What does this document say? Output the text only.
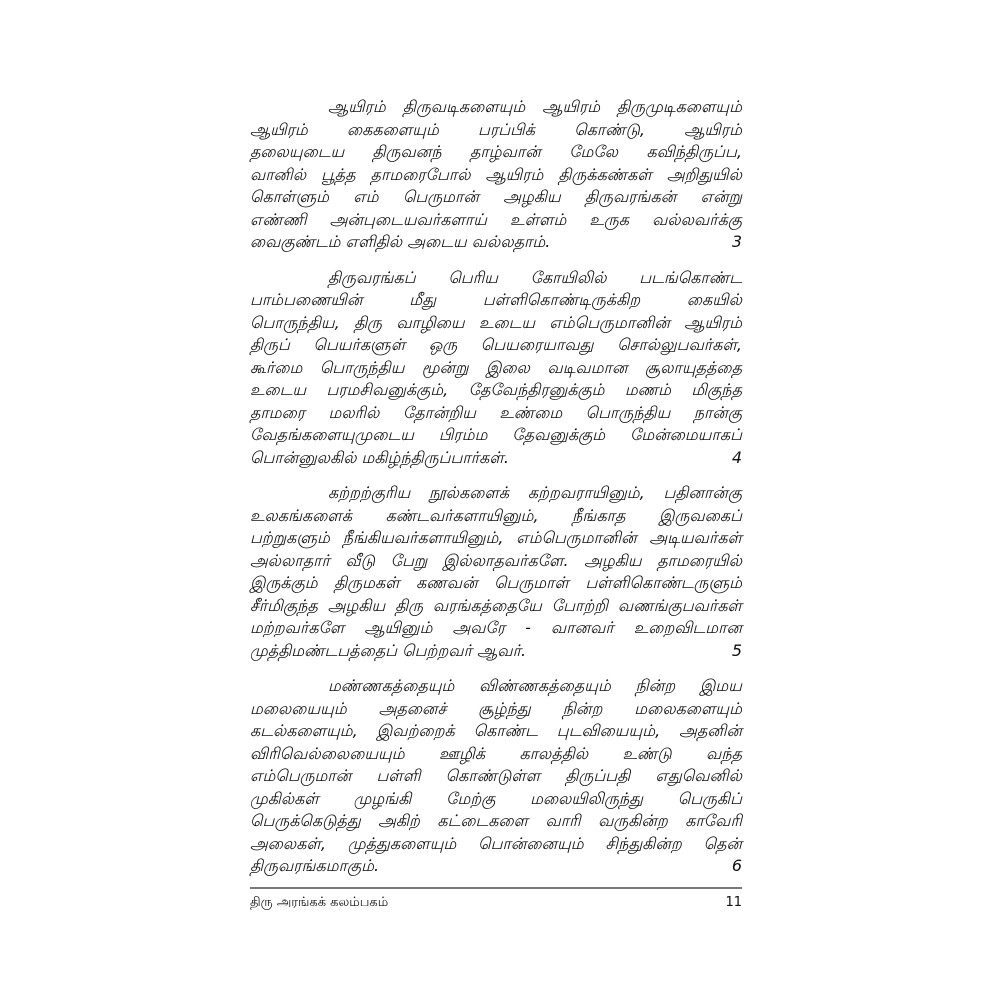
ஆயிரம் திருவடிகளையும் ஆயிரம் திருமுடிகளையும்
ஆயிரம் கைகளையும் பரப்பிக் கொண்டு, ஆயிரம்
தலையுடைய திருவனந் தாழ்வான் மேலே கவிந்திருப்ப,
வானில் பூத்த தாமரைபோல் ஆயிரம் திருக்கண்கள் அறிதுயில்
கொள்ளும் எம் பெருமான் அழகிய திருவரங்கன் என்று
எண்ணி அன்புடையவர்களாய் உள்ளம் உருக வல்லவர்க்கு
வைகுண்டம் எளிதில் அடைய வல்லதாம்.	3
திருவரங்கப் பெரிய கோயிலில் படங்கொண்ட
பாம்பணையின் மீது பள்ளிகொண்டிருக்கிற கையில்
பொருந்திய, திரு வாழியை உடைய எம்பெருமானின் ஆயிரம்
திருப் பெயர்களுள் ஒரு பெயரையாவது சொல்லுபவர்கள்,
கூர்மை பொருந்திய மூன்று இலை வடிவமான சூலாயுதத்தை
உடைய பரமசிவனுக்கும், தேவேந்திரனுக்கும் மணம் மிகுந்த
தாமரை மலரில் தோன்றிய உண்மை பொருந்திய நான்கு
வேதங்களையுமுடைய பிரம்ம தேவனுக்கும் மேன்மையாகப்
பொன்னுலகில் மகிழ்ந்திருப்பார்கள்.	4
கற்றற்குரிய நூல்களைக் கற்றவராயினும், பதினான்கு
உலகங்களைக் கண்டவர்களாயினும், நீங்காத இருவகைப்
பற்றுகளும் நீங்கியவர்களாயினும், எம்பெருமானின் அடியவர்கள்
அல்லாதார் வீடு பேறு இல்லாதவர்களே. அழகிய தாமரையில்
இருக்கும் திருமகள் கணவன் பெருமாள் பள்ளிகொண்டருளும்
சீர்மிகுந்த அழகிய திரு வரங்கத்தையே போற்றி வணங்குபவர்கள்
மற்றவர்களே ஆயினும் அவரே - வானவர் உறைவிடமான
முத்திமண்டபத்தைப் பெற்றவர் ஆவர்.	5
மண்ணகத்தையும் விண்ணகத்தையும் நின்ற இமய
மலையையும் அதனைச் சூழ்ந்து நின்ற மலைகளையும்
கடல்களையும், இவற்றைக் கொண்ட புடவியையும், அதனின்
விரிவெல்லையையும் ஊழிக் காலத்தில் உண்டு வந்த
எம்பெருமான் பள்ளி கொண்டுள்ள திருப்பதி எதுவெனில்
முகில்கள் முழங்கி மேற்கு மலையிலிருந்து பெருகிப்
பெருக்கெடுத்து அகிற் கட்டைகளை வாரி வருகின்ற காவேரி
அலைகள், முத்துகளையும் பொன்னையும் சிந்துகின்ற தென்
திருவரங்கமாகும்.	6
திரு அரங்கக் கலம்பகம்	11
